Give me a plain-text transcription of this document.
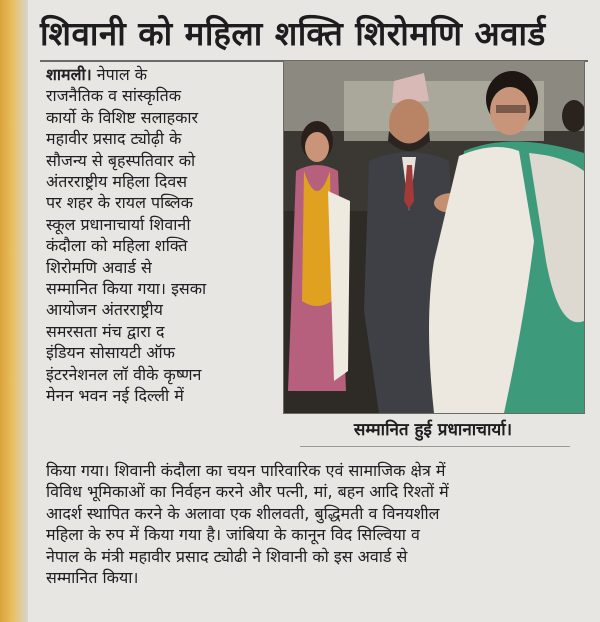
शिवानी को महिला शक्ति शिरोमणि अवार्ड

शामली। नेपाल के

राजनैतिक व सांस्कृतिक

कार्यो के विशिष्ट सलाहकार

महावीर प्रसाद ट्योढ़ी के

सौजन्य से बृहस्पतिवार को

अंतरराष्ट्रीय महिला दिवस

पर शहर के रायल पब्लिक

स्कूल प्रधानाचार्या शिवानी

कंदौला को महिला शक्ति

शिरोमणि अवार्ड से

सम्मानित किया गया। इसका

आयोजन अंतरराष्ट्रीय

समरसता मंच द्वारा द

इंडियन सोसायटी ऑफ

इंटरनेशनल लॉ वीके कृष्णन

मेनन भवन नई दिल्ली में

सम्मानित हुई प्रधानाचार्या।

किया गया। शिवानी कंदौला का चयन पारिवारिक एवं सामाजिक क्षेत्र में

विविध भूमिकाओं का निर्वहन करने और पत्नी, मां, बहन आदि रिश्तों में

आदर्श स्थापित करने के अलावा एक शीलवती, बुद्धिमती व विनयशील

महिला के रुप में किया गया है। जांबिया के कानून विद सिल्विया व

नेपाल के मंत्री महावीर प्रसाद ट्योढी ने शिवानी को इस अवार्ड से

सम्मानित किया।
